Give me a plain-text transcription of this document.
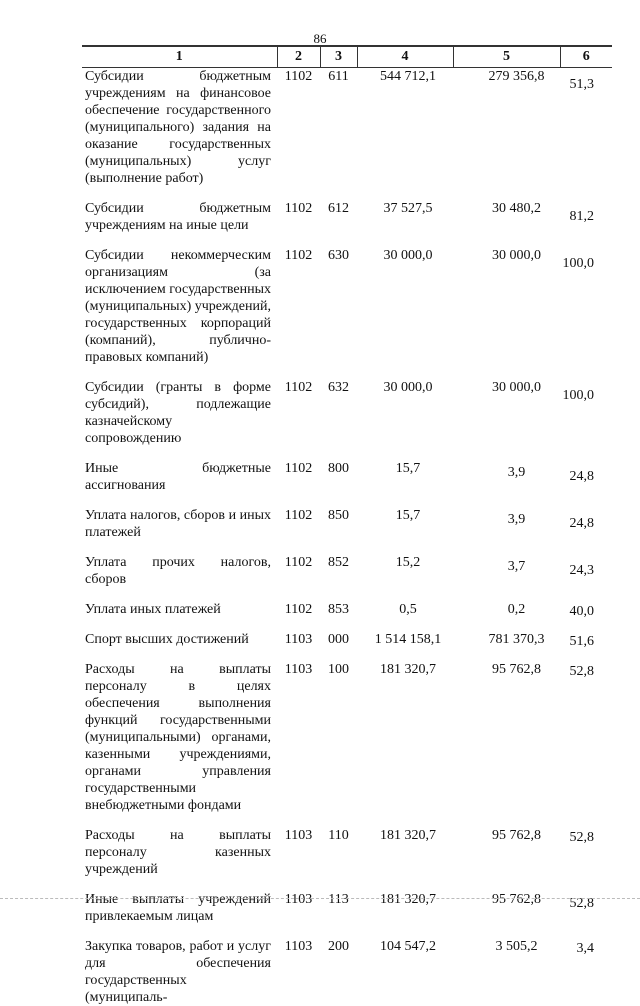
86
1	2	3	4	5	6
Субсидии бюджетным учреждениям на финансовое обеспечение государственного (муниципального) задания на оказание государственных (муниципальных) услуг (выполнение работ)	1102	611	544 712,1	279 356,8	51,3
Субсидии бюджетным учреждениям на иные цели	1102	612	37 527,5	30 480,2	81,2
Субсидии некоммерческим организациям (за исключением государственных (муниципальных) учреждений, государственных корпораций (компаний), публично-правовых компаний)	1102	630	30 000,0	30 000,0	100,0
Субсидии (гранты в форме субсидий), подлежащие казначейскому сопровождению	1102	632	30 000,0	30 000,0	100,0
Иные бюджетные ассигнования	1102	800	15,7	3,9	24,8
Уплата налогов, сборов и иных платежей	1102	850	15,7	3,9	24,8
Уплата прочих налогов, сборов	1102	852	15,2	3,7	24,3
Уплата иных платежей	1102	853	0,5	0,2	40,0
Спорт высших достижений	1103	000	1 514 158,1	781 370,3	51,6
Расходы на выплаты персоналу в целях обеспечения выполнения функций государственными (муниципальными) органами, казенными учреждениями, органами управления государственными внебюджетными фондами	1103	100	181 320,7	95 762,8	52,8
Расходы на выплаты персоналу казенных учреждений	1103	110	181 320,7	95 762,8	52,8
Иные выплаты учреждений привлекаемым лицам	1103	113	181 320,7	95 762,8	52,8
Закупка товаров, работ и услуг для обеспечения государственных (муниципаль-	1103	200	104 547,2	3 505,2	3,4
